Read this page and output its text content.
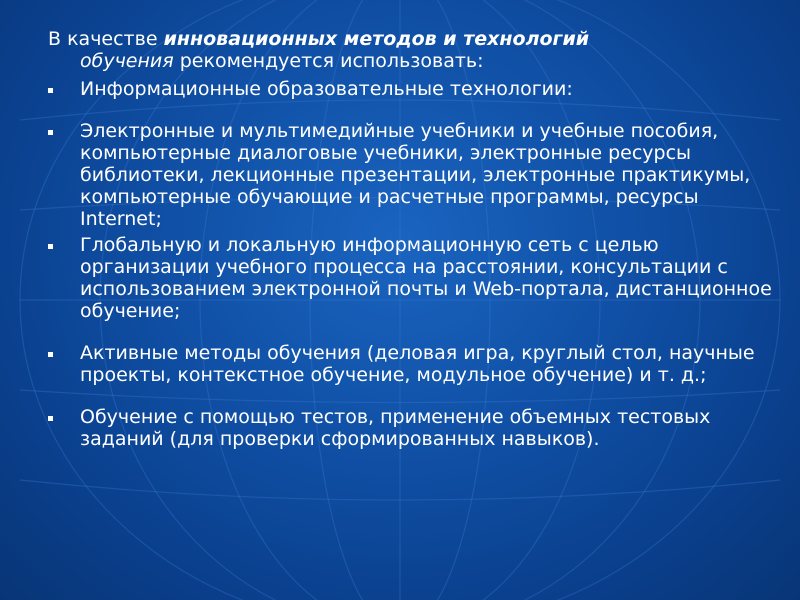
В качестве инновационных методов и технологий
обучения рекомендуется использовать:

Информационные образовательные технологии:
Электронные и мультимедийные учебники и учебные пособия, компьютерные диалоговые учебники, электронные ресурсы библиотеки, лекционные презентации, электронные практикумы, компьютерные обучающие и расчетные программы, ресурсы Internet;
Глобальную и локальную информационную сеть с целью организации учебного процесса на расстоянии, консультации с использованием электронной почты и Web-портала, дистанционное обучение;
Активные методы обучения (деловая игра, круглый стол, научные проекты, контекстное обучение, модульное обучение) и т. д.;
Обучение с помощью тестов, применение объемных тестовых заданий (для проверки сформированных навыков).
